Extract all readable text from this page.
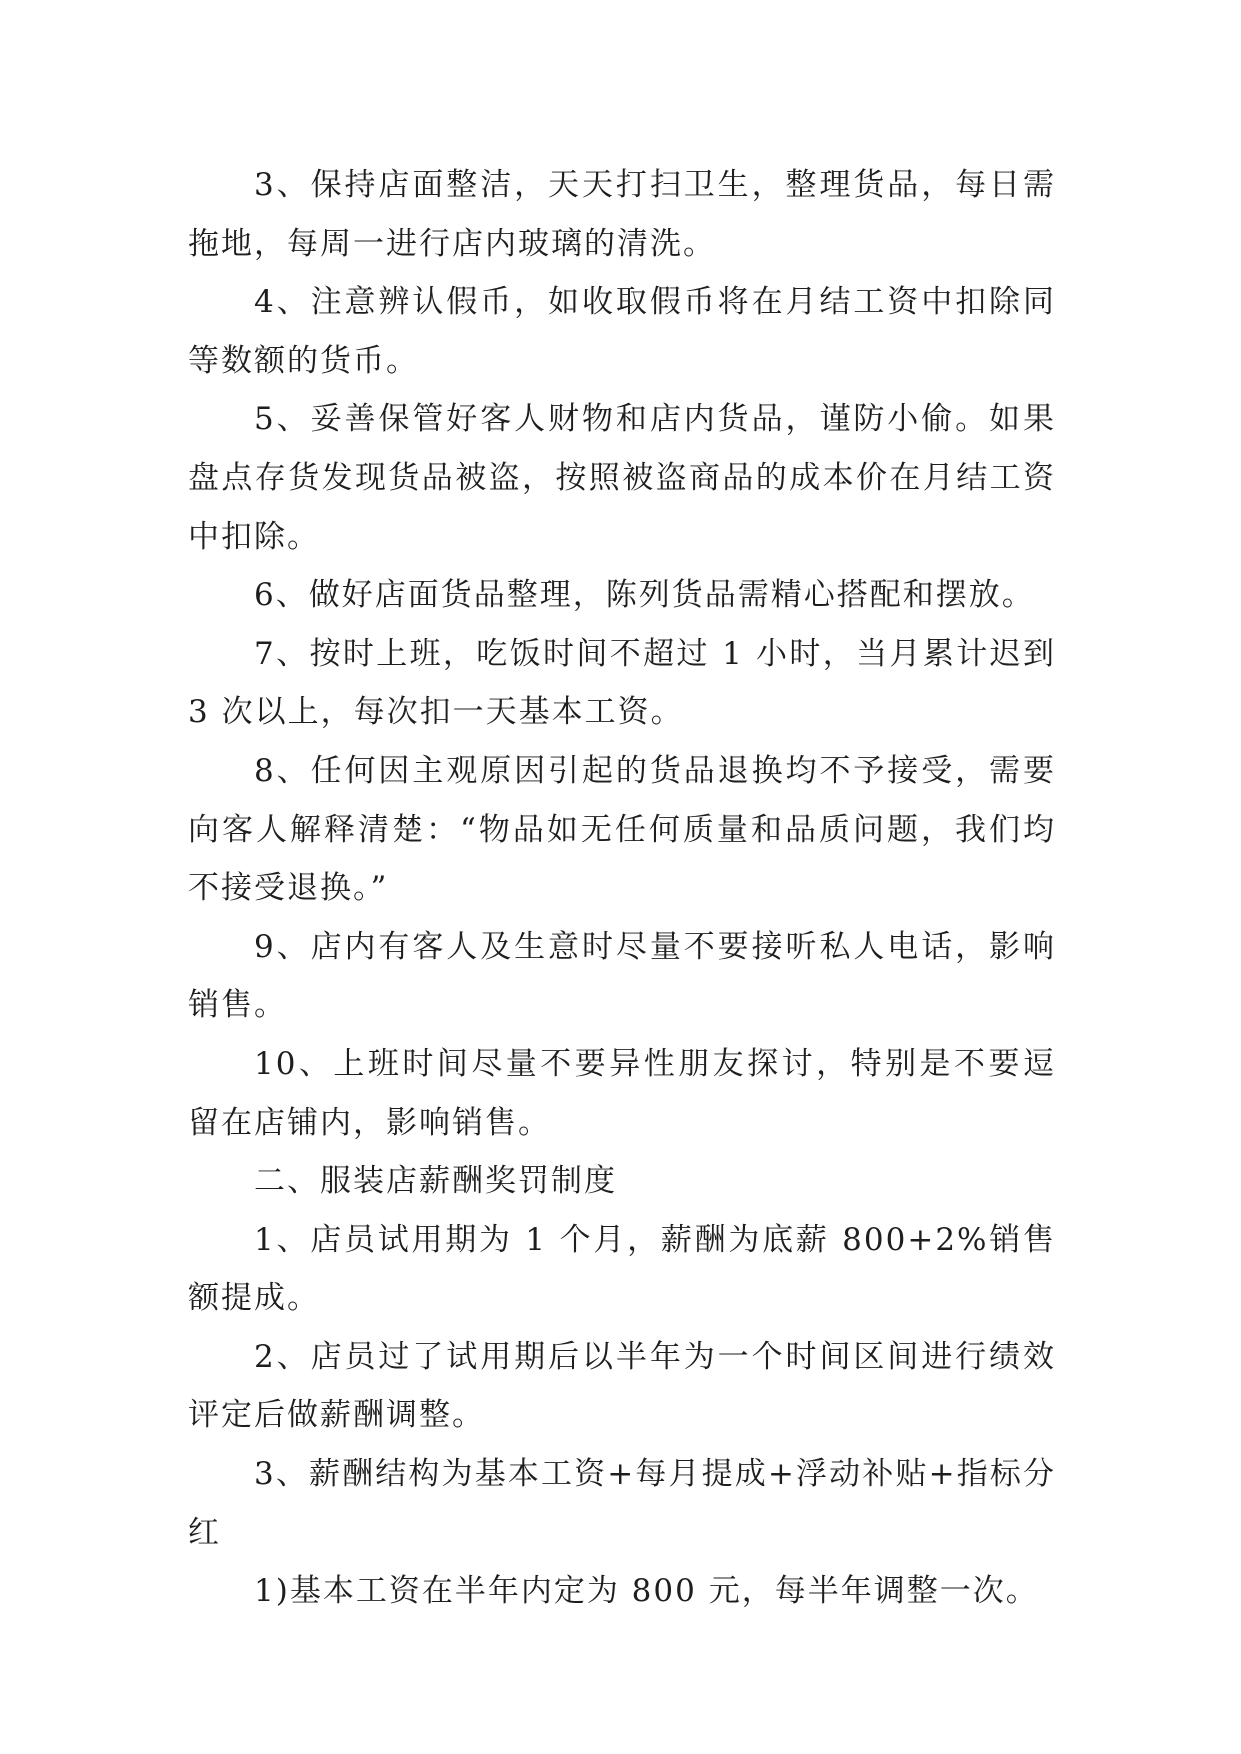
3、保持店面整洁，天天打扫卫生，整理货品，每日需拖地，每周一进行店内玻璃的清洗。

4、注意辨认假币，如收取假币将在月结工资中扣除同等数额的货币。

5、妥善保管好客人财物和店内货品，谨防小偷。如果盘点存货发现货品被盗，按照被盗商品的成本价在月结工资中扣除。

6、做好店面货品整理，陈列货品需精心搭配和摆放。

7、按时上班，吃饭时间不超过 1 小时，当月累计迟到 3 次以上，每次扣一天基本工资。

8、任何因主观原因引起的货品退换均不予接受，需要向客人解释清楚：“物品如无任何质量和品质问题，我们均不接受退换。”

9、店内有客人及生意时尽量不要接听私人电话，影响销售。

10、上班时间尽量不要异性朋友探讨，特别是不要逗留在店铺内，影响销售。

二、服装店薪酬奖罚制度

1、店员试用期为 1 个月，薪酬为底薪 800+2%销售额提成。

2、店员过了试用期后以半年为一个时间区间进行绩效评定后做薪酬调整。

3、薪酬结构为基本工资+每月提成+浮动补贴+指标分红

1)基本工资在半年内定为 800 元，每半年调整一次。
